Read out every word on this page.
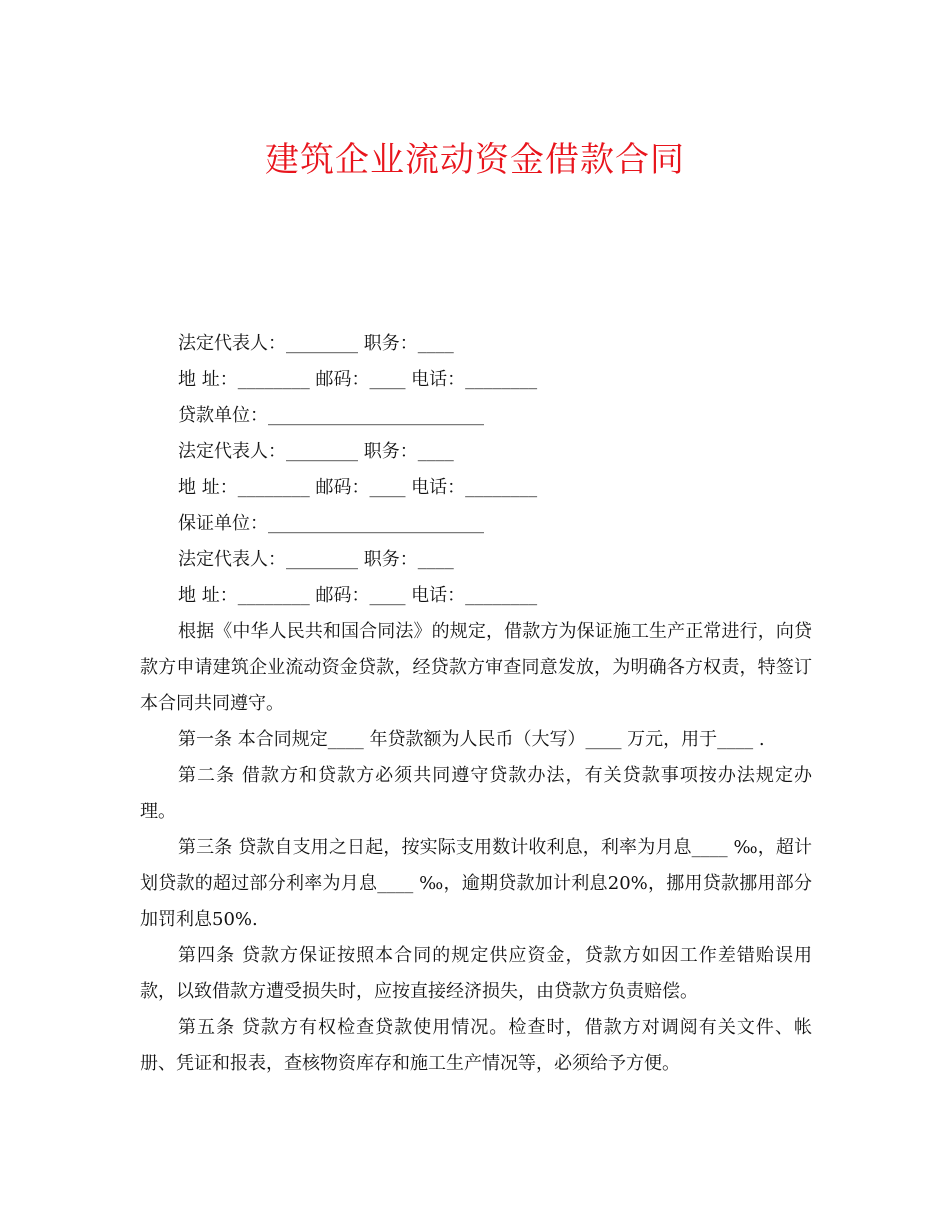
建筑企业流动资金借款合同

法定代表人：________ 职务：____

地 址：________ 邮码：____ 电话：________

贷款单位：________________________

法定代表人：________ 职务：____

地 址：________ 邮码：____ 电话：________

保证单位：________________________

法定代表人：________ 职务：____

地 址：________ 邮码：____ 电话：________

根据《中华人民共和国合同法》的规定，借款方为保证施工生产正常进行，向贷款方申请建筑企业流动资金贷款，经贷款方审查同意发放，为明确各方权责，特签订本合同共同遵守。

第一条 本合同规定____ 年贷款额为人民币（大写）____ 万元，用于____ .

第二条 借款方和贷款方必须共同遵守贷款办法，有关贷款事项按办法规定办理。

第三条 贷款自支用之日起，按实际支用数计收利息，利率为月息____ ‰，超计划贷款的超过部分利率为月息____ ‰，逾期贷款加计利息20%，挪用贷款挪用部分加罚利息50%.

第四条 贷款方保证按照本合同的规定供应资金，贷款方如因工作差错贻误用款，以致借款方遭受损失时，应按直接经济损失，由贷款方负责赔偿。

第五条 贷款方有权检查贷款使用情况。检查时，借款方对调阅有关文件、帐册、凭证和报表，查核物资库存和施工生产情况等，必须给予方便。
